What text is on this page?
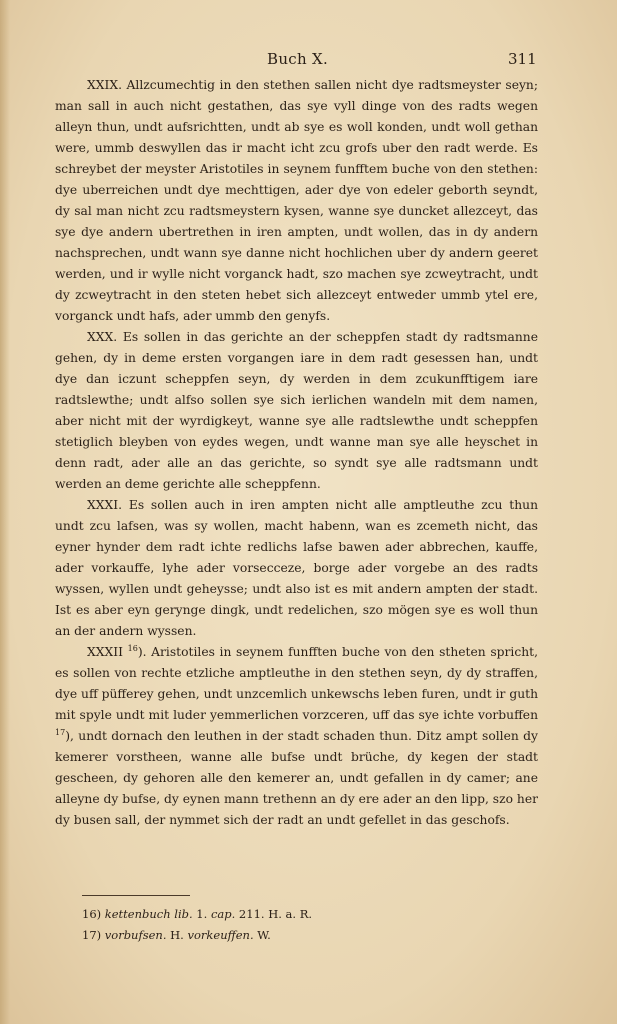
Buch X.	311

XXIX. Allzcumechtig in den stethen sallen nicht dye radtsmeyster seyn; man sall in auch nicht gestathen, das sye vyll dinge von des radts wegen alleyn thun, undt aufsrichtten, undt ab sye es woll konden, undt woll gethan were, ummb deswyllen das ir macht icht zcu grofs uber den radt werde. Es schreybet der meyster Aristotiles in seynem funfftem buche von den stethen: dye uberreichen undt dye mechttigen, ader dye von edeler geborth seyndt, dy sal man nicht zcu radtsmeystern kysen, wanne sye duncket allezceyt, das sye dye andern ubertrethen in iren ampten, undt wollen, das in dy andern nachsprechen, undt wann sye danne nicht hochlichen uber dy andern geeret werden, und ir wylle nicht vorganck hadt, szo machen sye zcweytracht, undt dy zcweytracht in den steten hebet sich allezceyt entweder ummb ytel ere, vorganck undt hafs, ader ummb den genyfs.

XXX. Es sollen in das gerichte an der scheppfen stadt dy radtsmanne gehen, dy in deme ersten vorgangen iare in dem radt gesessen han, undt dye dan iczunt scheppfen seyn, dy werden in dem zcukunfftigem iare radtslewthe; undt alfso sollen sye sich ierlichen wandeln mit dem namen, aber nicht mit der wyrdigkeyt, wanne sye alle radtslewthe undt scheppfen stetiglich bleyben von eydes wegen, undt wanne man sye alle heyschet in denn radt, ader alle an das gerichte, so syndt sye alle radtsmann undt werden an deme gerichte alle scheppfenn.

XXXI. Es sollen auch in iren ampten nicht alle amptleuthe zcu thun undt zcu lafsen, was sy wollen, macht habenn, wan es zcemeth nicht, das eyner hynder dem radt ichte redlichs lafse bawen ader abbrechen, kauffe, ader vorkauffe, lyhe ader vorsecceze, borge ader vorgebe an des radts wyssen, wyllen undt geheysse; undt also ist es mit andern ampten der stadt. Ist es aber eyn gerynge dingk, undt redelichen, szo mögen sye es woll thun an der andern wyssen.

XXXII $^{16}$). Aristotiles in seynem funfften buche von den stheten spricht, es sollen von rechte etzliche amptleuthe in den stethen seyn, dy dy straffen, dye uff püfferey gehen, undt unzcemlich unkewschs leben furen, undt ir guth mit spyle undt mit luder yemmerlichen vorzceren, uff das sye ichte vorbuffen $^{17}$), undt dornach den leuthen in der stadt schaden thun. Ditz ampt sollen dy kemerer vorstheen, wanne alle bufse undt brüche, dy kegen der stadt gescheen, dy gehoren alle den kemerer an, undt gefallen in dy camer; ane alleyne dy bufse, dy eynen mann trethenn an dy ere ader an den lipp, szo her dy busen sall, der nymmet sich der radt an undt gefellet in das geschofs.

16) kettenbuch lib. 1. cap. 211. H. a. R.

17) vorbufsen. H. vorkeuffen. W.
